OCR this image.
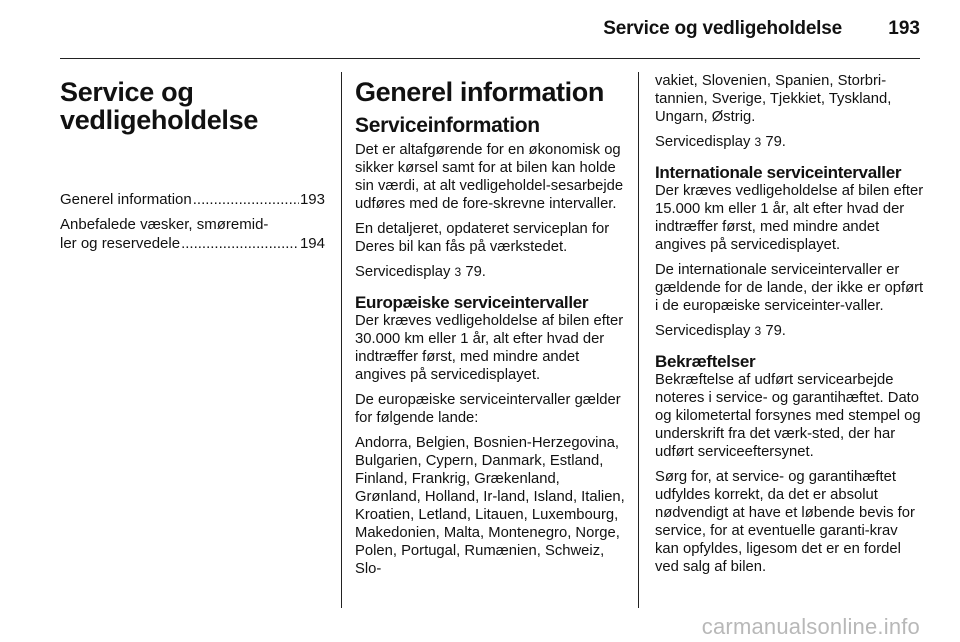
Service og vedligeholdelse 193
Service og
vedligeholdelse
Generel information .....	193
Anbefalede væsker, smøremid-
ler og reservedele .....	194
Generel information
Serviceinformation

Det er altafgørende for en økonomisk og sikker kørsel samt for at bilen kan holde sin værdi, at alt vedligeholdel-sesarbejde udføres med de fore-skrevne intervaller.

En detaljeret, opdateret serviceplan for Deres bil kan fås på værkstedet.

Servicedisplay 3 79.

Europæiske serviceintervaller

Der kræves vedligeholdelse af bilen efter 30.000 km eller 1 år, alt efter hvad der indtræffer først, med mindre andet angives på servicedisplayet.

De europæiske serviceintervaller gælder for følgende lande:

Andorra, Belgien, Bosnien-Herzegovina, Bulgarien, Cypern, Danmark, Estland, Finland, Frankrig, Grækenland, Grønland, Holland, Ir-land, Island, Italien, Kroatien, Letland, Litauen, Luxembourg, Makedonien, Malta, Montenegro, Norge, Polen, Portugal, Rumænien, Schweiz, Slo-

vakiet, Slovenien, Spanien, Storbri-tannien, Sverige, Tjekkiet, Tyskland, Ungarn, Østrig.

Servicedisplay 3 79.

Internationale serviceintervaller

Der kræves vedligeholdelse af bilen efter 15.000 km eller 1 år, alt efter hvad der indtræffer først, med mindre andet angives på servicedisplayet.

De internationale serviceintervaller er gældende for de lande, der ikke er opført i de europæiske serviceinter-valler.

Servicedisplay 3 79.

Bekræftelser

Bekræftelse af udført servicearbejde noteres i service- og garantihæftet. Dato og kilometertal forsynes med stempel og underskrift fra det værk-sted, der har udført serviceeftersynet.

Sørg for, at service- og garantihæftet udfyldes korrekt, da det er absolut nødvendigt at have et løbende bevis for service, for at eventuelle garanti-krav kan opfyldes, ligesom det er en fordel ved salg af bilen.

carmanualsonline.info
